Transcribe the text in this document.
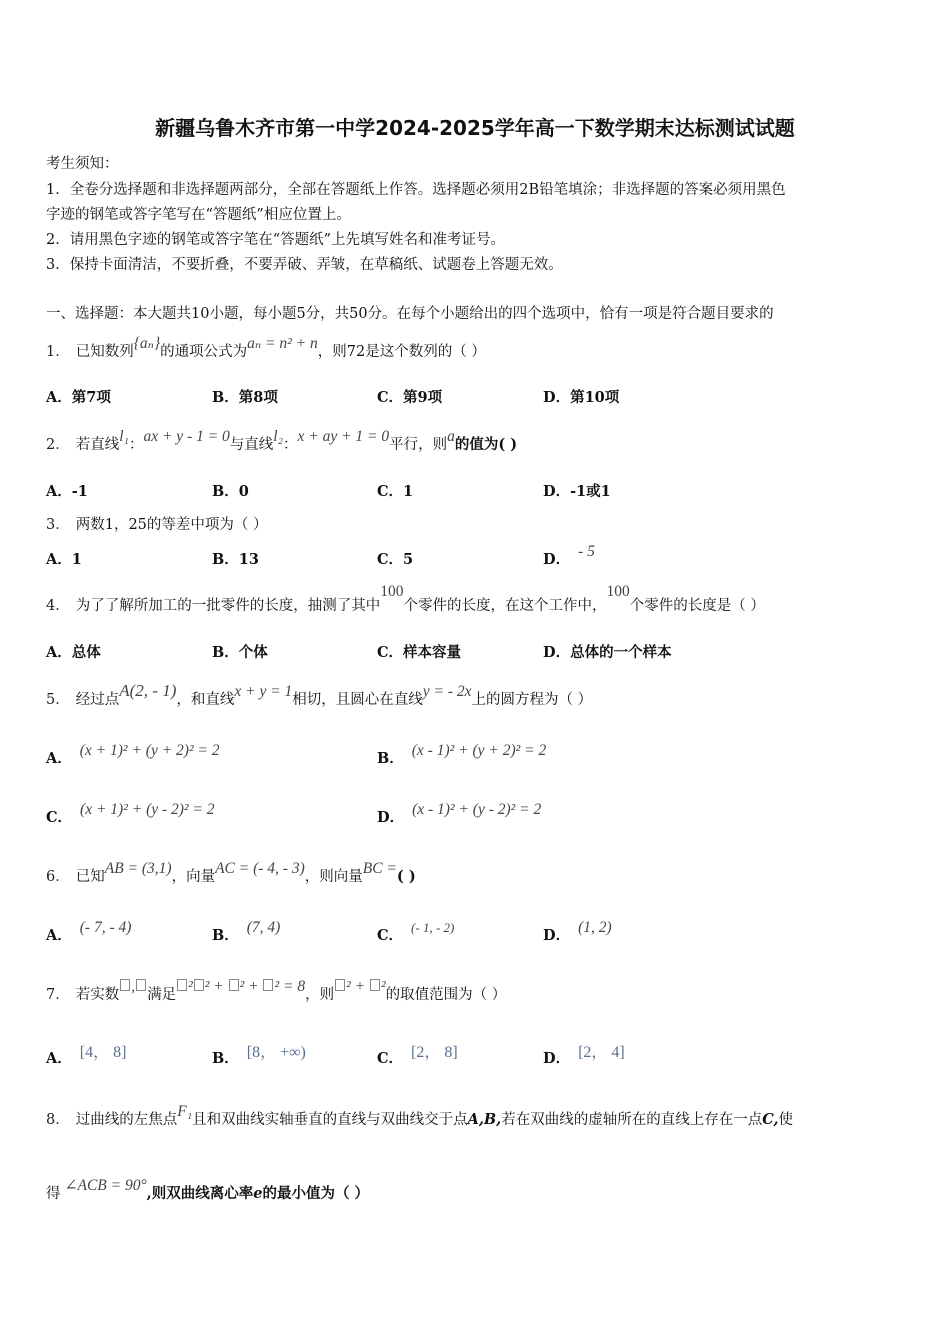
新疆乌鲁木齐市第一中学2024-2025学年高一下数学期末达标测试试题
考生须知：
1．全卷分选择题和非选择题两部分，全部在答题纸上作答。选择题必须用2B铅笔填涂；非选择题的答案必须用黑色
字迹的钢笔或答字笔写在“答题纸”相应位置上。
2．请用黑色字迹的钢笔或答字笔在“答题纸”上先填写姓名和准考证号。
3．保持卡面清洁，不要折叠，不要弄破、弄皱，在草稿纸、试题卷上答题无效。
一、选择题：本大题共10小题，每小题5分，共50分。在每个小题给出的四个选项中，恰有一项是符合题目要求的
1． 已知数列 {aₙ} 的通项公式为 aₙ = n² + n ，则72是这个数列的（ ）
A．第7项	B．第8项	C．第9项	D．第10项
2． 若直线 l₁ ： ax + y - 1 = 0 与直线 l₂ ： x + ay + 1 = 0 平行，则 a 的值为( )
A．-1	B．0	C．1	D．-1或1
3． 两数1，25的等差中项为（ ）
A．1	B．13	C．5	D． - 5
4． 为了了解所加工的一批零件的长度，抽测了其中
100
个零件的长度，在这个工作中，
100
个零件的长度是（ ）
A．总体	B．个体	C．样本容量	D．总体的一个样本
5． 经过点 A(2, - 1) ，和直线 x + y = 1 相切，且圆心在直线 y = - 2x 上的圆方程为（ ）
A． (x + 1)² + (y + 2)² = 2	B． (x - 1)² + (y + 2)² = 2
C． (x + 1)² + (y - 2)² = 2	D． (x - 1)² + (y - 2)² = 2
6． 已知 AB = (3,1) ，向量 AC = (- 4, - 3) ，则向量 BC = ( )
A． (- 7, - 4)	B． (7, 4)	C． (- 1, - 2)	D． (1, 2)
7． 若实数 , 满足 ² ² + ² + ² = 8 ，则 ² + ² 的取值范围为（ ）
A． [4， 8]	B． [8， +∞)	C． [2， 8]	D． [2， 4]
8． 过曲线的左焦点 F₁ 且和双曲线实轴垂直的直线与双曲线交于点 A,B, 若在双曲线的虚轴所在的直线上存在一点 C, 使
得 ∠ACB = 90° ,则双曲线离心率 e 的最小值为（ ）
